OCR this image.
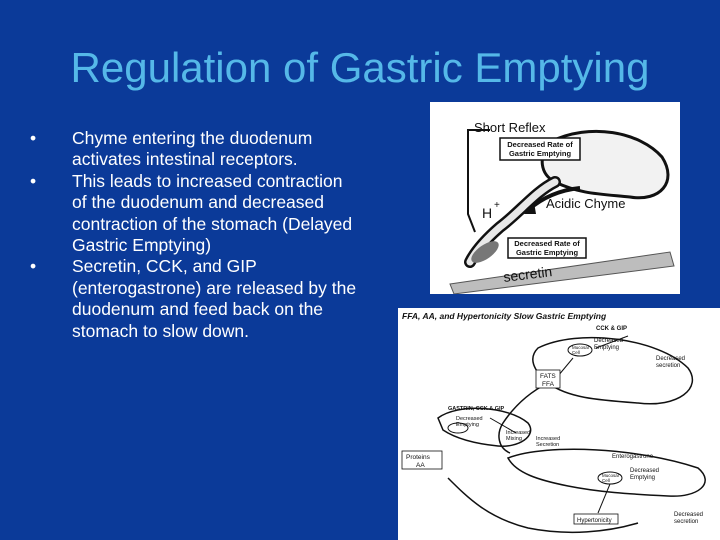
Regulation of Gastric Emptying
• Chyme entering the duodenum activates intestinal receptors.
• This leads to increased contraction of the duodenum and decreased contraction of the stomach (Delayed Gastric Emptying)
• Secretin, CCK, and GIP (enterogastrone) are released by the duodenum and feed back on the stomach to slow down.
Decreased Rate of
Gastric Emptying
Decreased Rate of
Gastric Emptying
Short Reflex
Acidic Chyme
H +
secretin
FFA, AA, and Hypertonicity Slow Gastric Emptying
CCK & GIP
Decreased
Emptying
Mucosal
Cell
Decreased
secretion
FATS
FFA
GASTRIN, CCK & GIP
Decreased
Emptying
Increased
Mixing	Increased
Secretion
Proteins
AA
Enterogastrone
Mucosal
Cell
Decreased
Emptying
Hypertonicity
Decreased
secretion
